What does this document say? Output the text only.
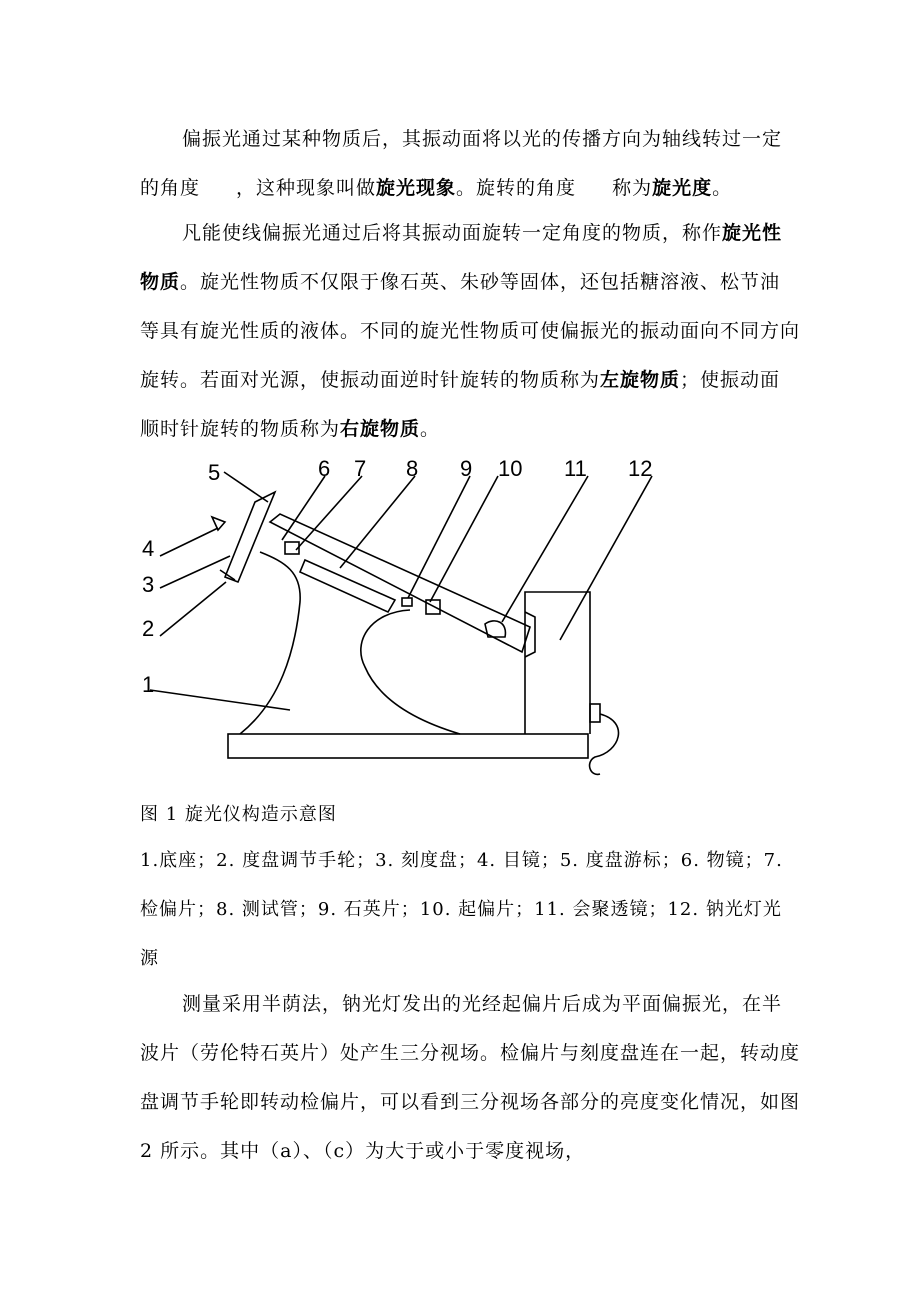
偏振光通过某种物质后，其振动面将以光的传播方向为轴线转过一定的角度 ，这种现象叫做旋光现象。旋转的角度 称为旋光度。

凡能使线偏振光通过后将其振动面旋转一定角度的物质，称作旋光性物质。旋光性物质不仅限于像石英、朱砂等固体，还包括糖溶液、松节油等具有旋光性质的液体。不同的旋光性物质可使偏振光的振动面向不同方向旋转。若面对光源，使振动面逆时针旋转的物质称为左旋物质；使振动面顺时针旋转的物质称为右旋物质。

5
4
3
2
1
6 7 8 9 10 11 12
图 1 旋光仪构造示意图
1.底座；2. 度盘调节手轮；3. 刻度盘；4. 目镜；5. 度盘游标；6. 物镜；7. 检偏片；8. 测试管；9. 石英片；10. 起偏片；11. 会聚透镜；12. 钠光灯光源

测量采用半荫法，钠光灯发出的光经起偏片后成为平面偏振光，在半波片（劳伦特石英片）处产生三分视场。检偏片与刻度盘连在一起，转动度盘调节手轮即转动检偏片，可以看到三分视场各部分的亮度变化情况，如图 2 所示。其中（a）、（c）为大于或小于零度视场，
